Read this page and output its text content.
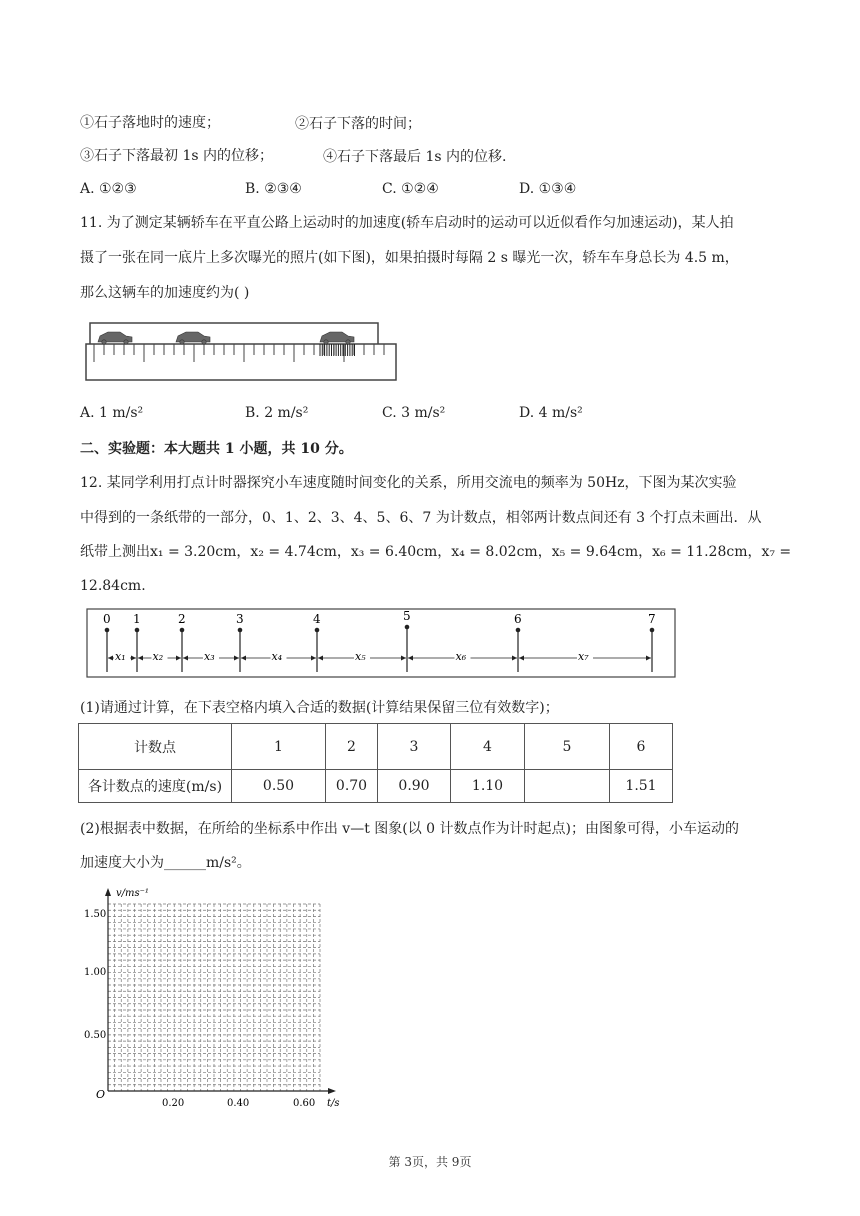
①石子落地时的速度；	②石子下落的时间；
③石子下落最初 1s 内的位移；	④石子下落最后 1s 内的位移.
A. ①②③	B. ②③④	C. ①②④	D. ①③④
11. 为了测定某辆轿车在平直公路上运动时的加速度(轿车启动时的运动可以近似看作匀加速运动)，某人拍
摄了一张在同一底片上多次曝光的照片(如下图)，如果拍摄时每隔 2 s 曝光一次，轿车车身总长为 4.5 m，
那么这辆车的加速度约为( )
A. 1 m/s²	B. 2 m/s²	C. 3 m/s²	D. 4 m/s²
二、实验题：本大题共 1 小题，共 10 分。
12. 某同学利用打点计时器探究小车速度随时间变化的关系，所用交流电的频率为 50Hz，下图为某次实验
中得到的一条纸带的一部分，0、1、2、3、4、5、6、7 为计数点，相邻两计数点间还有 3 个打点未画出．从
纸带上测出x₁ = 3.20cm，x₂ = 4.74cm，x₃ = 6.40cm，x₄ = 8.02cm，x₅ = 9.64cm，x₆ = 11.28cm，x₇ =
12.84cm.
0 1	2	3	4	5	6	7
x₁ x₂	x₃	x₄	x₅	x₆	x₇
(1)请通过计算，在下表空格内填入合适的数据(计算结果保留三位有效数字)；
计数点	1	2	3	4	5	6
各计数点的速度(m/s)	0.50	0.70	0.90	1.10		1.51
(2)根据表中数据，在所给的坐标系中作出 v—t 图象(以 0 计数点作为计时起点)；由图象可得，小车运动的
加速度大小为______m/s²。
v/ms⁻¹
t/s
O
0.50
1.00
1.50
0.20	0.40	0.60
第 3页，共 9页
